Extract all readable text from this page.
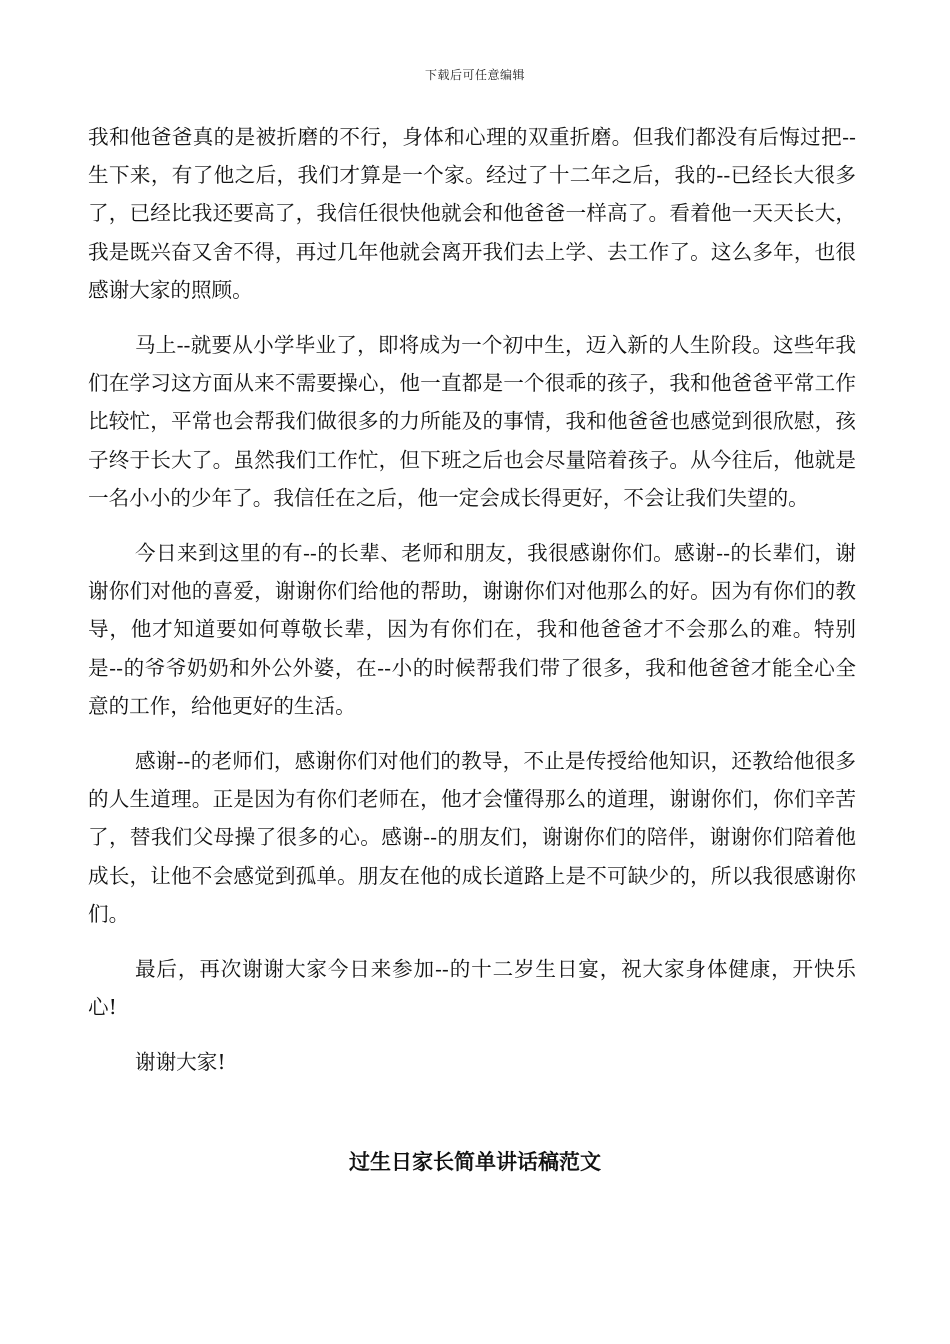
下载后可任意编辑

我和他爸爸真的是被折磨的不行，身体和心理的双重折磨。但我们都没有后悔过把--生下来，有了他之后，我们才算是一个家。经过了十二年之后，我的--已经长大很多了，已经比我还要高了，我信任很快他就会和他爸爸一样高了。看着他一天天长大，我是既兴奋又舍不得，再过几年他就会离开我们去上学、去工作了。这么多年，也很感谢大家的照顾。

马上--就要从小学毕业了，即将成为一个初中生，迈入新的人生阶段。这些年我们在学习这方面从来不需要操心，他一直都是一个很乖的孩子，我和他爸爸平常工作比较忙，平常也会帮我们做很多的力所能及的事情，我和他爸爸也感觉到很欣慰，孩子终于长大了。虽然我们工作忙，但下班之后也会尽量陪着孩子。从今往后，他就是一名小小的少年了。我信任在之后，他一定会成长得更好，不会让我们失望的。

今日来到这里的有--的长辈、老师和朋友，我很感谢你们。感谢--的长辈们，谢谢你们对他的喜爱，谢谢你们给他的帮助，谢谢你们对他那么的好。因为有你们的教导，他才知道要如何尊敬长辈，因为有你们在，我和他爸爸才不会那么的难。特别是--的爷爷奶奶和外公外婆，在--小的时候帮我们带了很多，我和他爸爸才能全心全意的工作，给他更好的生活。

感谢--的老师们，感谢你们对他们的教导，不止是传授给他知识，还教给他很多的人生道理。正是因为有你们老师在，他才会懂得那么的道理，谢谢你们，你们辛苦了，替我们父母操了很多的心。感谢--的朋友们，谢谢你们的陪伴，谢谢你们陪着他成长，让他不会感觉到孤单。朋友在他的成长道路上是不可缺少的，所以我很感谢你们。

最后，再次谢谢大家今日来参加--的十二岁生日宴，祝大家身体健康，开快乐心!

谢谢大家!

过生日家长简单讲话稿范文
